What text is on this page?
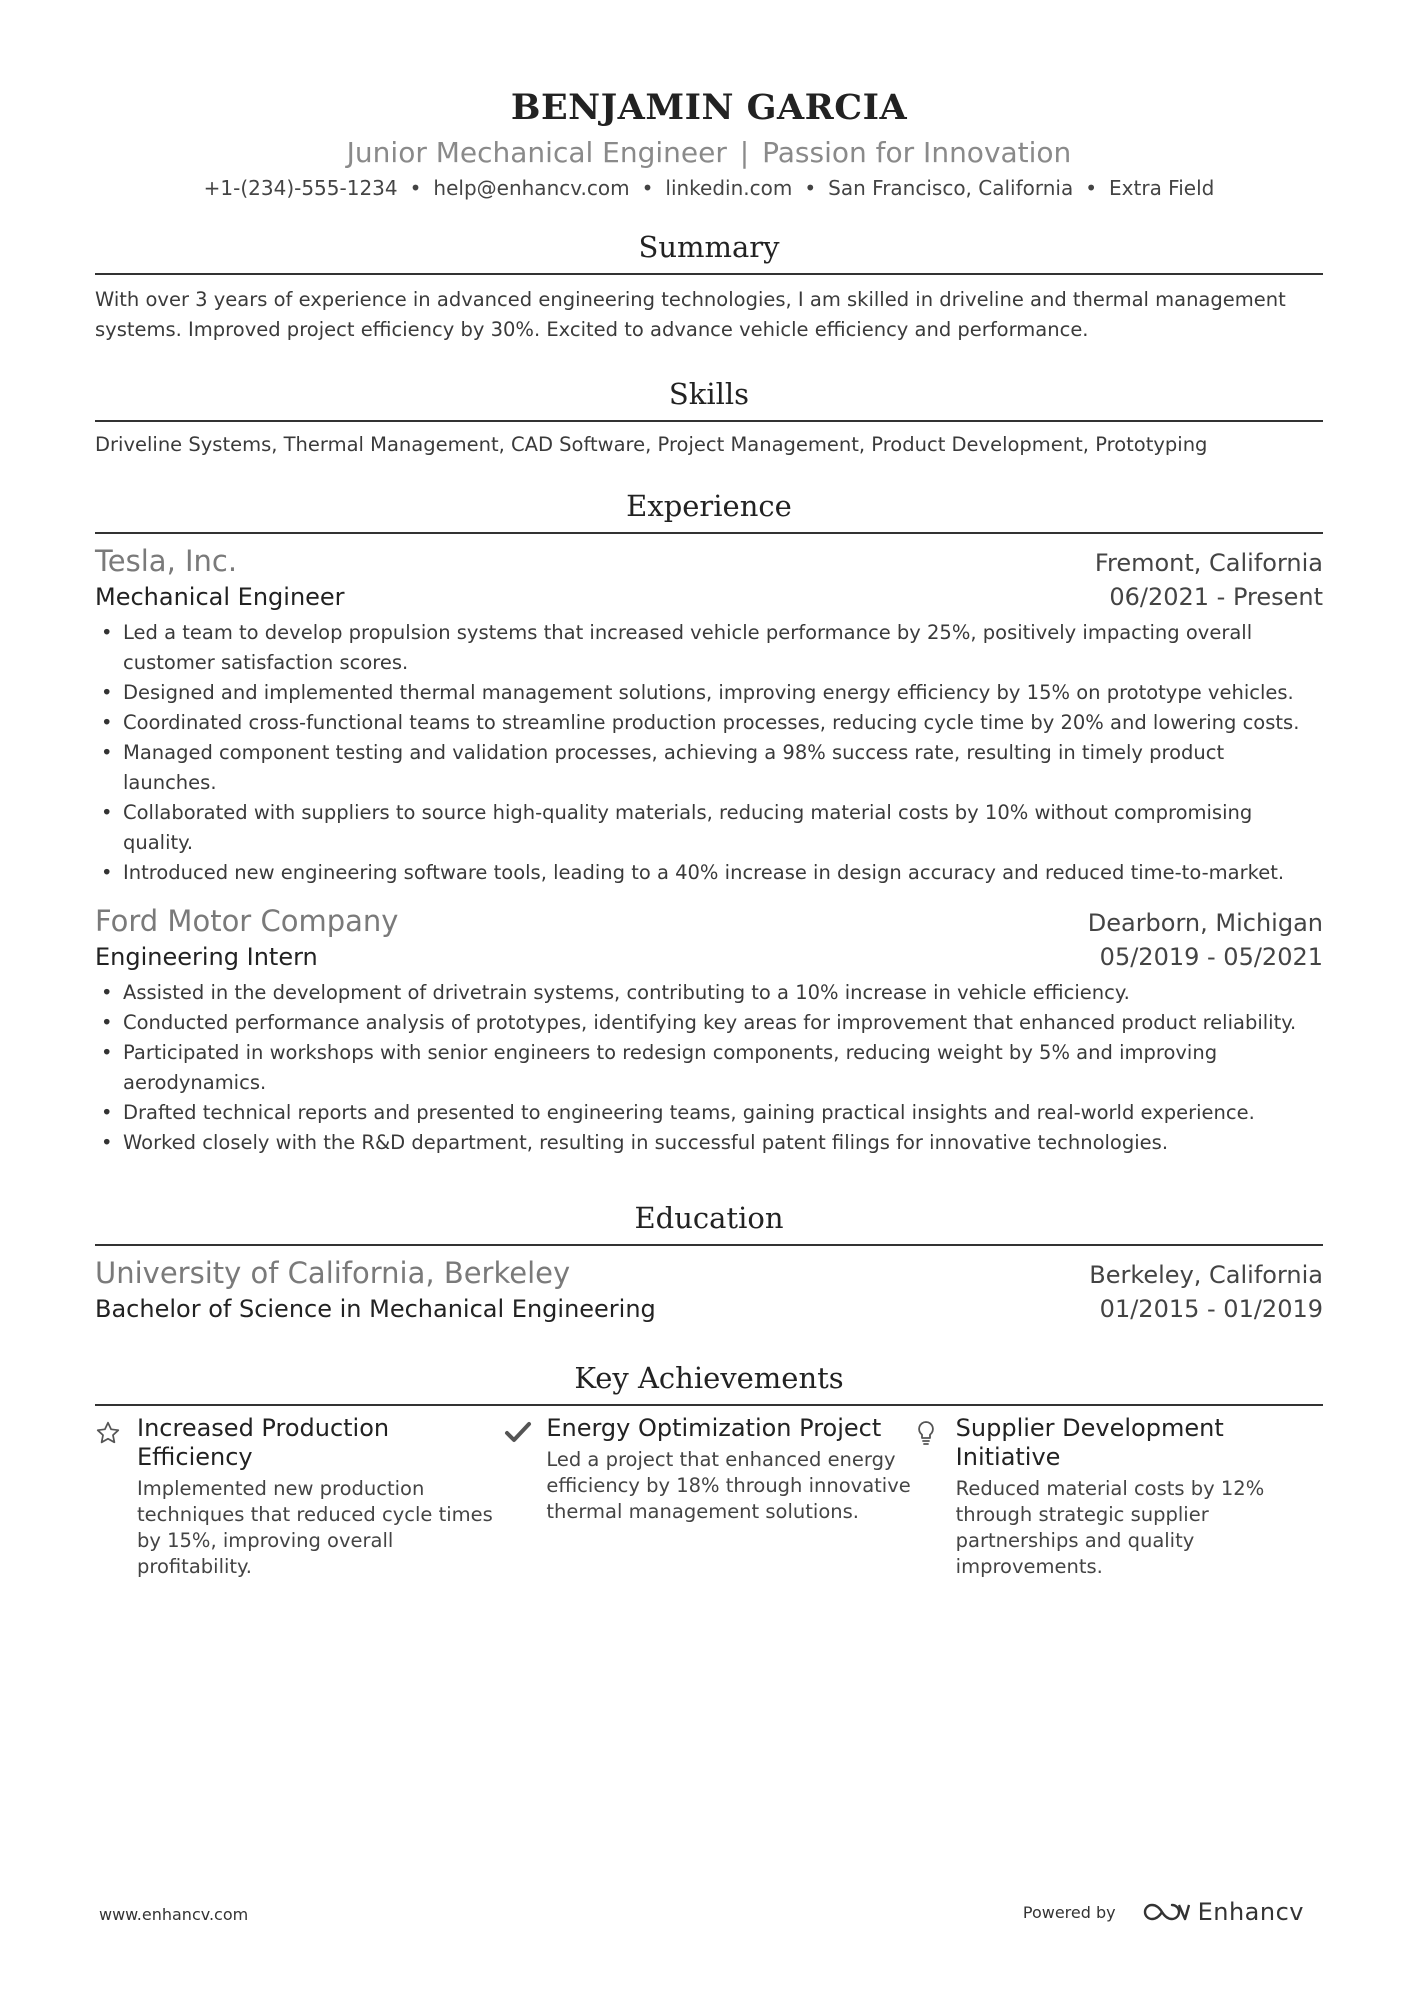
BENJAMIN GARCIA
Junior Mechanical Engineer | Passion for Innovation
+1-(234)-555-1234 • help@enhancv.com • linkedin.com • San Francisco, California • Extra Field
Summary
With over 3 years of experience in advanced engineering technologies, I am skilled in driveline and thermal management systems. Improved project efficiency by 30%. Excited to advance vehicle efficiency and performance.
Skills
Driveline Systems, Thermal Management, CAD Software, Project Management, Product Development, Prototyping
Experience
Tesla, Inc.	Fremont, California
Mechanical Engineer	06/2021 - Present
• Led a team to develop propulsion systems that increased vehicle performance by 25%, positively impacting overall customer satisfaction scores.
• Designed and implemented thermal management solutions, improving energy efficiency by 15% on prototype vehicles.
• Coordinated cross-functional teams to streamline production processes, reducing cycle time by 20% and lowering costs.
• Managed component testing and validation processes, achieving a 98% success rate, resulting in timely product launches.
• Collaborated with suppliers to source high-quality materials, reducing material costs by 10% without compromising quality.
• Introduced new engineering software tools, leading to a 40% increase in design accuracy and reduced time-to-market.
Ford Motor Company	Dearborn, Michigan
Engineering Intern	05/2019 - 05/2021
• Assisted in the development of drivetrain systems, contributing to a 10% increase in vehicle efficiency.
• Conducted performance analysis of prototypes, identifying key areas for improvement that enhanced product reliability.
• Participated in workshops with senior engineers to redesign components, reducing weight by 5% and improving aerodynamics.
• Drafted technical reports and presented to engineering teams, gaining practical insights and real-world experience.
• Worked closely with the R&D department, resulting in successful patent filings for innovative technologies.
Education
University of California, Berkeley	Berkeley, California
Bachelor of Science in Mechanical Engineering	01/2015 - 01/2019
Key Achievements
Increased Production Efficiency
Implemented new production techniques that reduced cycle times by 15%, improving overall profitability.
Energy Optimization Project
Led a project that enhanced energy efficiency by 18% through innovative thermal management solutions.
Supplier Development Initiative
Reduced material costs by 12% through strategic supplier partnerships and quality improvements.
www.enhancv.com	Powered by	Enhancv
